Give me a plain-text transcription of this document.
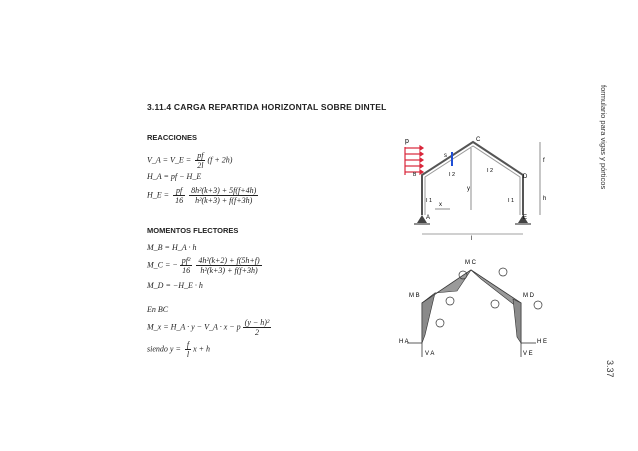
formulario para vigas y pórticos
3.37
3.11.4 CARGA REPARTIDA HORIZONTAL SOBRE DINTEL
REACCIONES
V_A = V_E = $\frac{pf}{2l} (f + 2h)$
H_A = pf − H_E
H_E = $\frac{pf}{16} \frac{\text{8h²(k+3) + 5f(f+4h)}}{\text{h²(k+3) + f(f+3h)}}$
MOMENTOS FLECTORES
M_B = H_A · h
M_C = − $\frac{\text{pf²}}{16} \frac{\text{4h²(k+2) + f(5h+f)}}{\text{h²(k+3) + f(f+3h)}}$
M_D = −H_E · h
En BC
M_x = H_A · y − V_A · x − p $\frac{\text{(y − h)²}}{2}$
siendo $y = \frac{f}{l}$ x + h
p
B
C
D
A	E
s
I 2
I 2
I 1	I 1
f
h
y
x
l
M C
M B	M D
H A
V A
H E
V E
